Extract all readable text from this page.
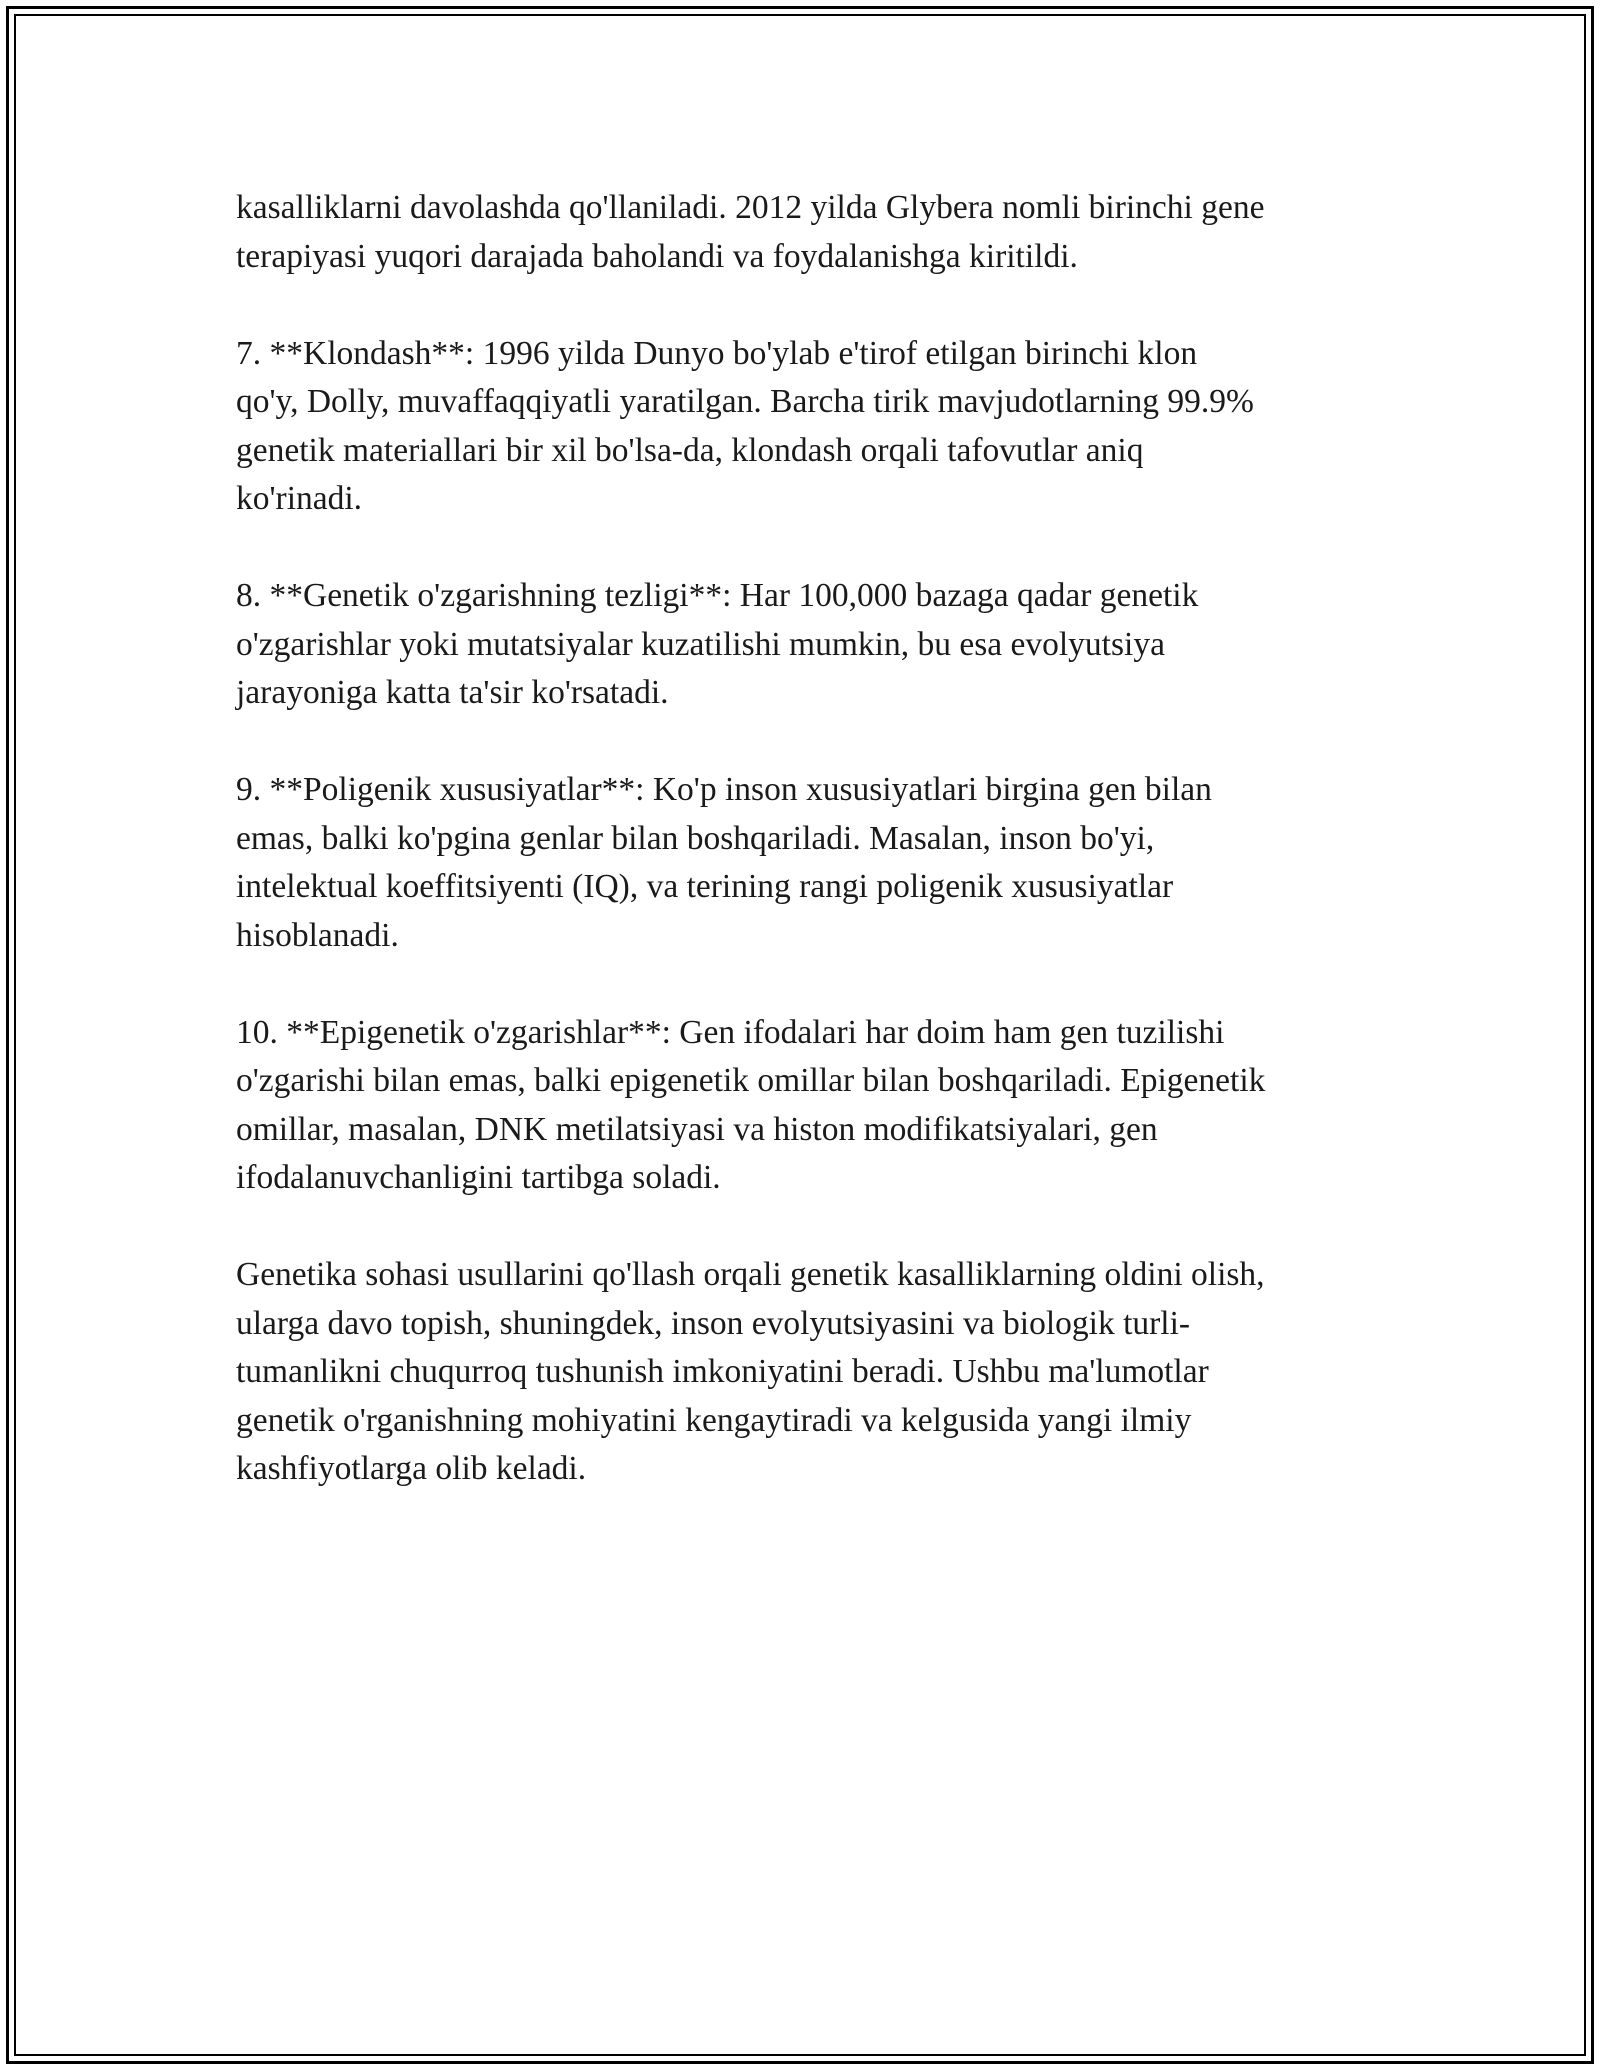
kasalliklarni davolashda qo'llaniladi. 2012 yilda Glybera nomli birinchi gene
terapiyasi yuqori darajada baholandi va foydalanishga kiritildi.

7. **Klondash**: 1996 yilda Dunyo bo'ylab e'tirof etilgan birinchi klon
qo'y, Dolly, muvaffaqqiyatli yaratilgan. Barcha tirik mavjudotlarning 99.9%
genetik materiallari bir xil bo'lsa-da, klondash orqali tafovutlar aniq
ko'rinadi.

8. **Genetik o'zgarishning tezligi**: Har 100,000 bazaga qadar genetik
o'zgarishlar yoki mutatsiyalar kuzatilishi mumkin, bu esa evolyutsiya
jarayoniga katta ta'sir ko'rsatadi.

9. **Poligenik xususiyatlar**: Ko'p inson xususiyatlari birgina gen bilan
emas, balki ko'pgina genlar bilan boshqariladi. Masalan, inson bo'yi,
intelektual koeffitsiyenti (IQ), va terining rangi poligenik xususiyatlar
hisoblanadi.

10. **Epigenetik o'zgarishlar**: Gen ifodalari har doim ham gen tuzilishi
o'zgarishi bilan emas, balki epigenetik omillar bilan boshqariladi. Epigenetik
omillar, masalan, DNK metilatsiyasi va histon modifikatsiyalari, gen
ifodalanuvchanligini tartibga soladi.

Genetika sohasi usullarini qo'llash orqali genetik kasalliklarning oldini olish,
ularga davo topish, shuningdek, inson evolyutsiyasini va biologik turli-
tumanlikni chuqurroq tushunish imkoniyatini beradi. Ushbu ma'lumotlar
genetik o'rganishning mohiyatini kengaytiradi va kelgusida yangi ilmiy
kashfiyotlarga olib keladi.
